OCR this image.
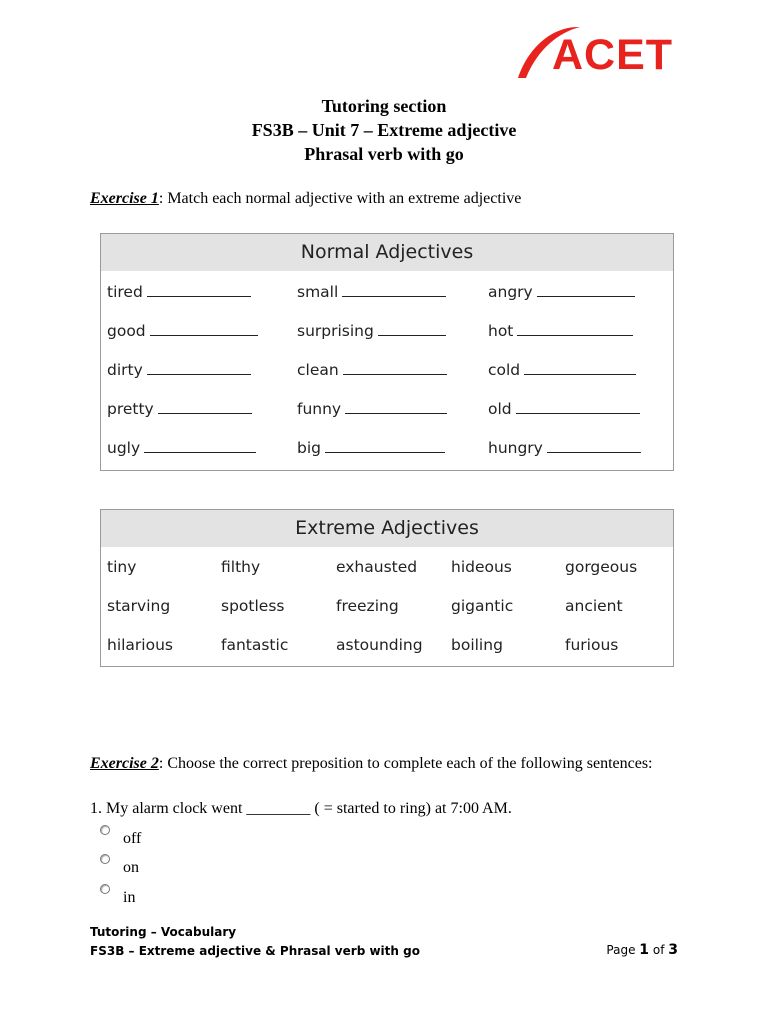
ACET
Tutoring section
FS3B – Unit 7 – Extreme adjective
Phrasal verb with go
Exercise 1: Match each normal adjective with an extreme adjective
Normal Adjectives
tired	small	angry
good	surprising	hot
dirty	clean	cold
pretty	funny	old
ugly	big	hungry
Extreme Adjectives
tiny	filthy	exhausted	hideous	gorgeous
starving	spotless	freezing	gigantic	ancient
hilarious	fantastic	astounding	boiling	furious
Exercise 2: Choose the correct preposition to complete each of the following sentences:
1. My alarm clock went ________ ( = started to ring) at 7:00 AM.
off
on
in
Tutoring – Vocabulary
FS3B – Extreme adjective & Phrasal verb with go	Page 1 of 3
